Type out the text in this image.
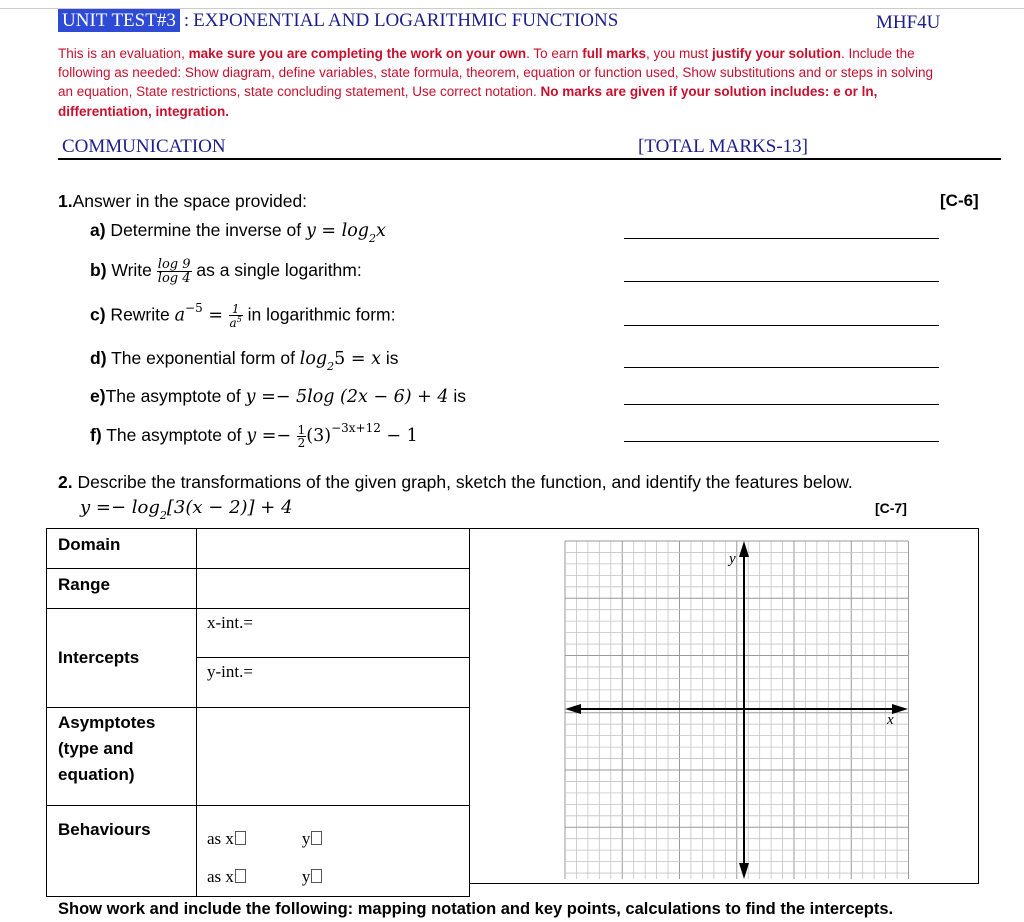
UNIT TEST#3 : EXPONENTIAL AND LOGARITHMIC FUNCTIONS	MHF4U
This is an evaluation, make sure you are completing the work on your own. To earn full marks, you must justify your solution. Include the
following as needed: Show diagram, define variables, state formula, theorem, equation or function used, Show substitutions and or steps in solving
an equation, State restrictions, state concluding statement, Use correct notation. No marks are given if your solution includes: e or ln,
differentiation, integration.
COMMUNICATION	[TOTAL MARKS-13]
1.Answer in the space provided:	[C-6]
a) Determine the inverse of $y = \log_2x$
b) Write $\frac{\log 9}{\log 4}$ as a single logarithm:
c) Rewrite $a^{-5} = \frac{1}{a^5}$ in logarithmic form:
d) The exponential form of $\log_25 = x$ is
e)The asymptote of y =− 5log (2x − 6) + 4 is
f) The asymptote of $y =- \frac{1}{2} (3)^{-3x+12} - 1$
2. Describe the transformations of the given graph, sketch the function, and identify the features below.
$y =- \log_2[3(x - 2)] + 4$	[C-7]
Domain	
Range	
Intercepts	x-int.=
	y-int.=
Asymptotes (type and equation)	
Behaviours	as x y
as x y
y
x
Show work and include the following: mapping notation and key points, calculations to find the intercepts.
